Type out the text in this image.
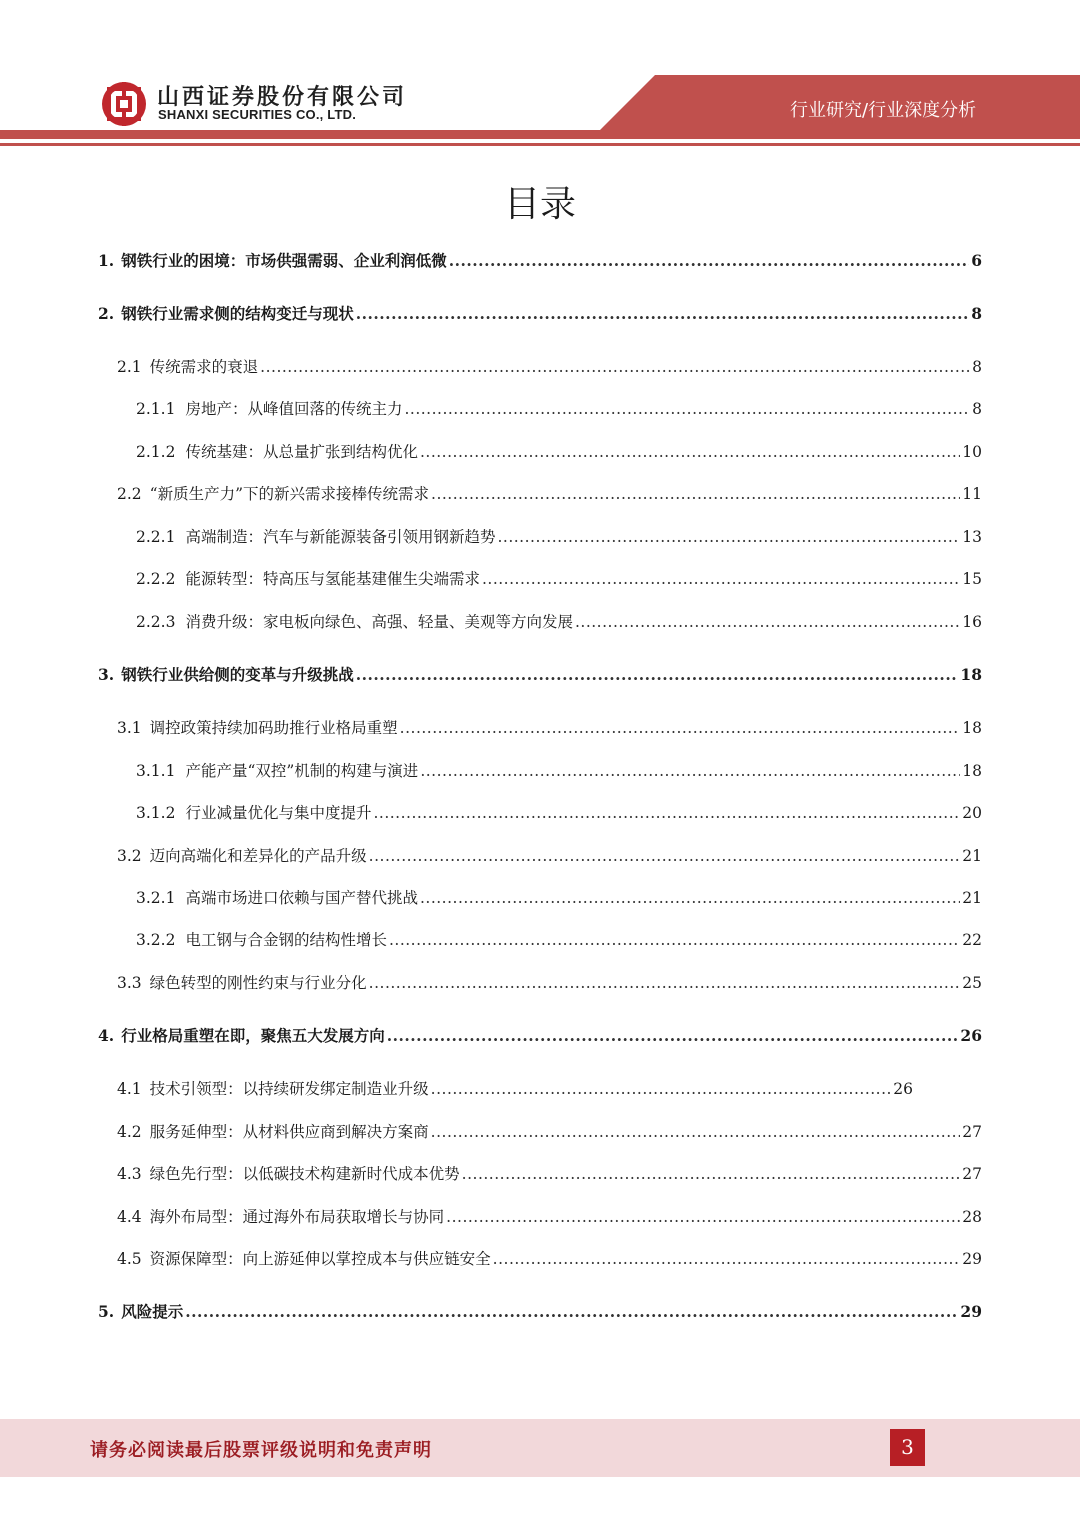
山西证券股份有限公司
SHANXI SECURITIES CO., LTD.	行业研究/行业深度分析
目录
1. 钢铁行业的困境：市场供强需弱、企业利润低微 .....	6
2. 钢铁行业需求侧的结构变迁与现状 .....	8
2.1 传统需求的衰退 .....	8
2.1.1 房地产：从峰值回落的传统主力 .....	8
2.1.2 传统基建：从总量扩张到结构优化 .....	10
2.2 “新质生产力”下的新兴需求接棒传统需求 .....	11
2.2.1 高端制造：汽车与新能源装备引领用钢新趋势 .....	13
2.2.2 能源转型：特高压与氢能基建催生尖端需求 .....	15
2.2.3 消费升级：家电板向绿色、高强、轻量、美观等方向发展 .....	16
3. 钢铁行业供给侧的变革与升级挑战 .....	18
3.1 调控政策持续加码助推行业格局重塑 .....	18
3.1.1 产能产量“双控”机制的构建与演进 .....	18
3.1.2 行业减量优化与集中度提升 .....	20
3.2 迈向高端化和差异化的产品升级 .....	21
3.2.1 高端市场进口依赖与国产替代挑战 .....	21
3.2.2 电工钢与合金钢的结构性增长 .....	22
3.3 绿色转型的刚性约束与行业分化 .....	25
4. 行业格局重塑在即，聚焦五大发展方向 .....	26
4.1 技术引领型：以持续研发绑定制造业升级 .....	26
4.2 服务延伸型：从材料供应商到解决方案商 .....	27
4.3 绿色先行型：以低碳技术构建新时代成本优势 .....	27
4.4 海外布局型：通过海外布局获取增长与协同 .....	28
4.5 资源保障型：向上游延伸以掌控成本与供应链安全 .....	29
5. 风险提示 .....	29
请务必阅读最后股票评级说明和免责声明	3
